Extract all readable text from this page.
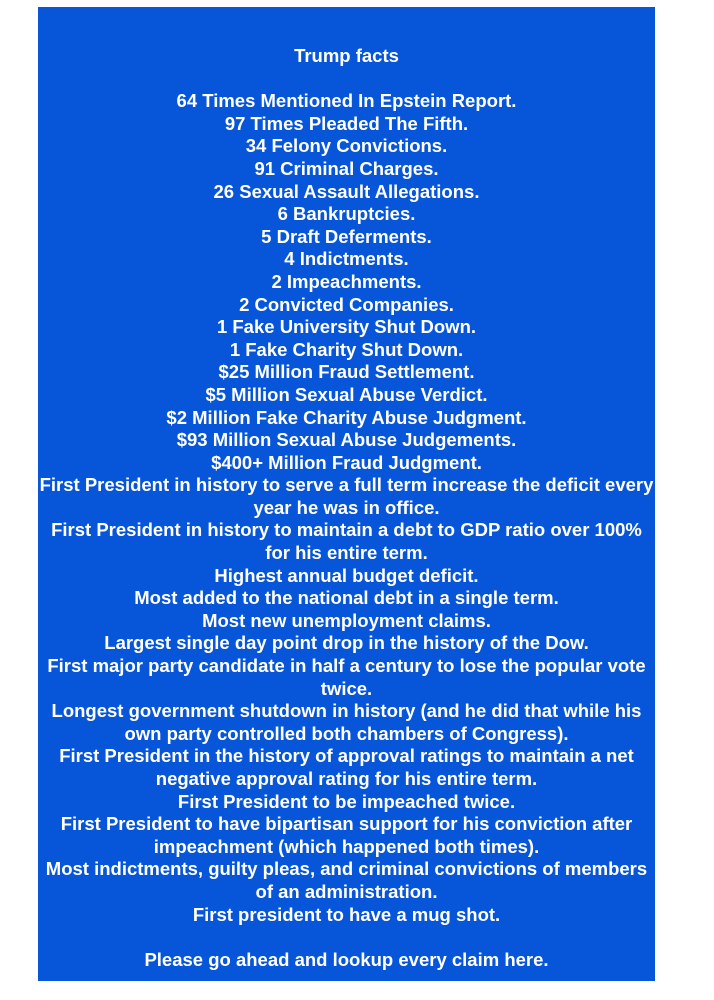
Trump facts
64 Times Mentioned In Epstein Report.
97 Times Pleaded The Fifth.
34 Felony Convictions.
91 Criminal Charges.
26 Sexual Assault Allegations.
6 Bankruptcies.
5 Draft Deferments.
4 Indictments.
2 Impeachments.
2 Convicted Companies.
1 Fake University Shut Down.
1 Fake Charity Shut Down.
$25 Million Fraud Settlement.
$5 Million Sexual Abuse Verdict.
$2 Million Fake Charity Abuse Judgment.
$93 Million Sexual Abuse Judgements.
$400+ Million Fraud Judgment.
First President in history to serve a full term increase the deficit every year he was in office.
First President in history to maintain a debt to GDP ratio over 100% for his entire term.
Highest annual budget deficit.
Most added to the national debt in a single term.
Most new unemployment claims.
Largest single day point drop in the history of the Dow.
First major party candidate in half a century to lose the popular vote twice.
Longest government shutdown in history (and he did that while his own party controlled both chambers of Congress).
First President in the history of approval ratings to maintain a net negative approval rating for his entire term.
First President to be impeached twice.
First President to have bipartisan support for his conviction after impeachment (which happened both times).
Most indictments, guilty pleas, and criminal convictions of members of an administration.
First president to have a mug shot.
Please go ahead and lookup every claim here.
